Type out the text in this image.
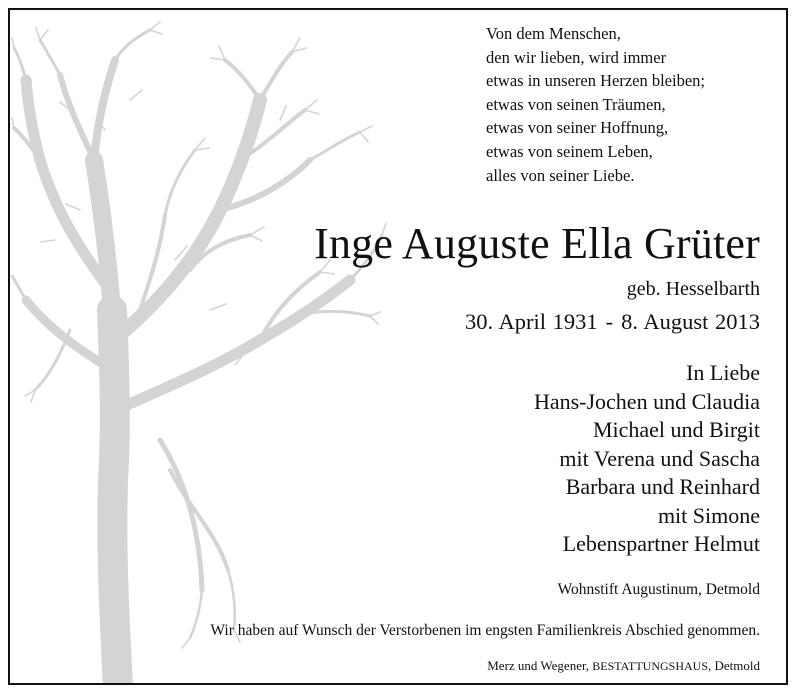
Von dem Menschen,
den wir lieben, wird immer
etwas in unseren Herzen bleiben;
etwas von seinen Träumen,
etwas von seiner Hoffnung,
etwas von seinem Leben,
alles von seiner Liebe.
Inge Auguste Ella Grüter
geb. Hesselbarth
30. April 1931 - 8. August 2013
In Liebe
Hans-Jochen und Claudia
Michael und Birgit
mit Verena und Sascha
Barbara und Reinhard
mit Simone
Lebenspartner Helmut
Wohnstift Augustinum, Detmold
Wir haben auf Wunsch der Verstorbenen im engsten Familienkreis Abschied genommen.
Merz und Wegener, BESTATTUNGSHAUS, Detmold
